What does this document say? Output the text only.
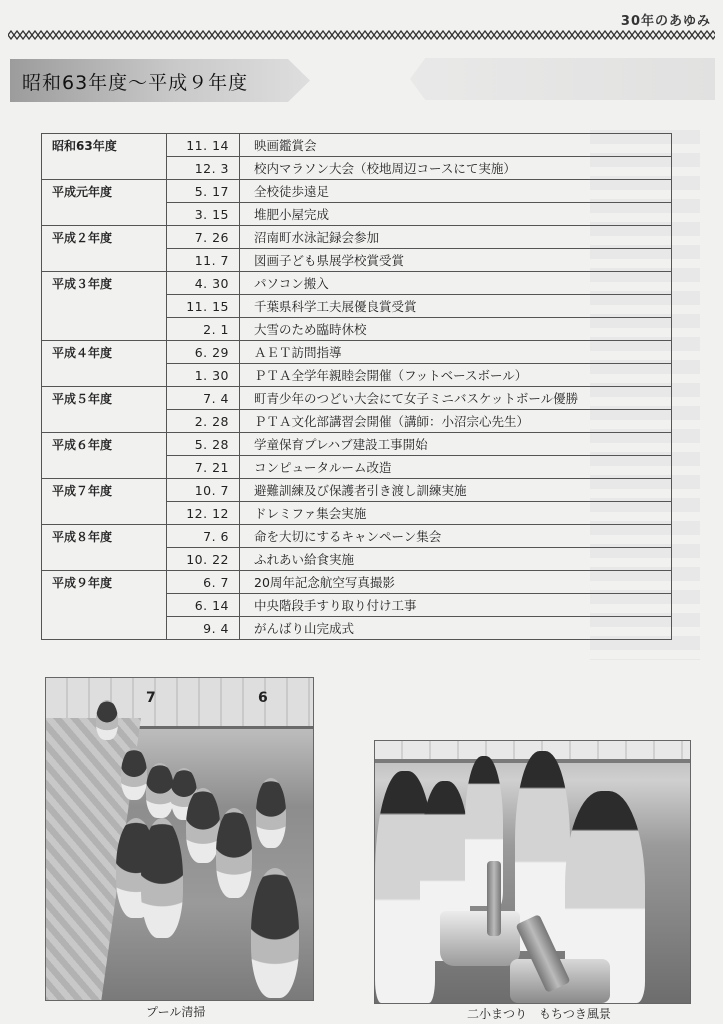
30年のあゆみ
昭和63年度〜平成９年度
昭和63年度	11. 14	映画鑑賞会
	12. 3	校内マラソン大会（校地周辺コースにて実施）
平成元年度	5. 17	全校徒歩遠足
	3. 15	堆肥小屋完成
平成２年度	7. 26	沼南町水泳記録会参加
	11. 7	図画子ども県展学校賞受賞
平成３年度	4. 30	パソコン搬入
	11. 15	千葉県科学工夫展優良賞受賞
	2. 1	大雪のため臨時休校
平成４年度	6. 29	ＡＥＴ訪問指導
	1. 30	ＰＴＡ全学年親睦会開催（フットベースボール）
平成５年度	7. 4	町青少年のつどい大会にて女子ミニバスケットボール優勝
	2. 28	ＰＴＡ文化部講習会開催（講師：小沼宗心先生）
平成６年度	5. 28	学童保育プレハブ建設工事開始
	7. 21	コンピュータルーム改造
平成７年度	10. 7	避難訓練及び保護者引き渡し訓練実施
	12. 12	ドレミファ集会実施
平成８年度	7. 6	命を大切にするキャンペーン集会
	10. 22	ふれあい給食実施
平成９年度	6. 7	20周年記念航空写真撮影
	6. 14	中央階段手すり取り付け工事
	9. 4	がんばり山完成式
7	6
プール清掃	二小まつり　もちつき風景
